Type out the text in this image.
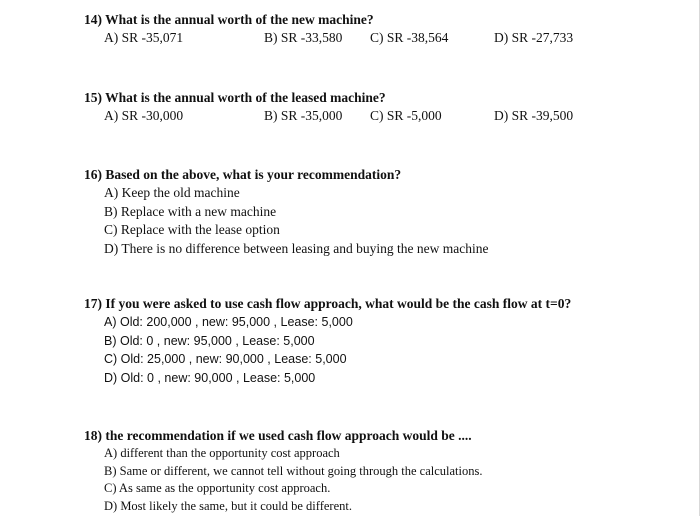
14) What is the annual worth of the new machine?
A) SR -35,071	B) SR -33,580 C) SR -38,564	D) SR -27,733
15) What is the annual worth of the leased machine?
A) SR -30,000	B) SR -35,000 C) SR -5,000	D) SR -39,500
16) Based on the above, what is your recommendation?
A) Keep the old machine
B) Replace with a new machine
C) Replace with the lease option
D) There is no difference between leasing and buying the new machine
17) If you were asked to use cash flow approach, what would be the cash flow at t=0?
A) Old: 200,000 , new: 95,000 , Lease: 5,000
B) Old: 0 , new: 95,000 , Lease: 5,000
C) Old: 25,000 , new: 90,000 , Lease: 5,000
D) Old: 0 , new: 90,000 , Lease: 5,000
18) the recommendation if we used cash flow approach would be ....
A) different than the opportunity cost approach
B) Same or different, we cannot tell without going through the calculations.
C) As same as the opportunity cost approach.
D) Most likely the same, but it could be different.
